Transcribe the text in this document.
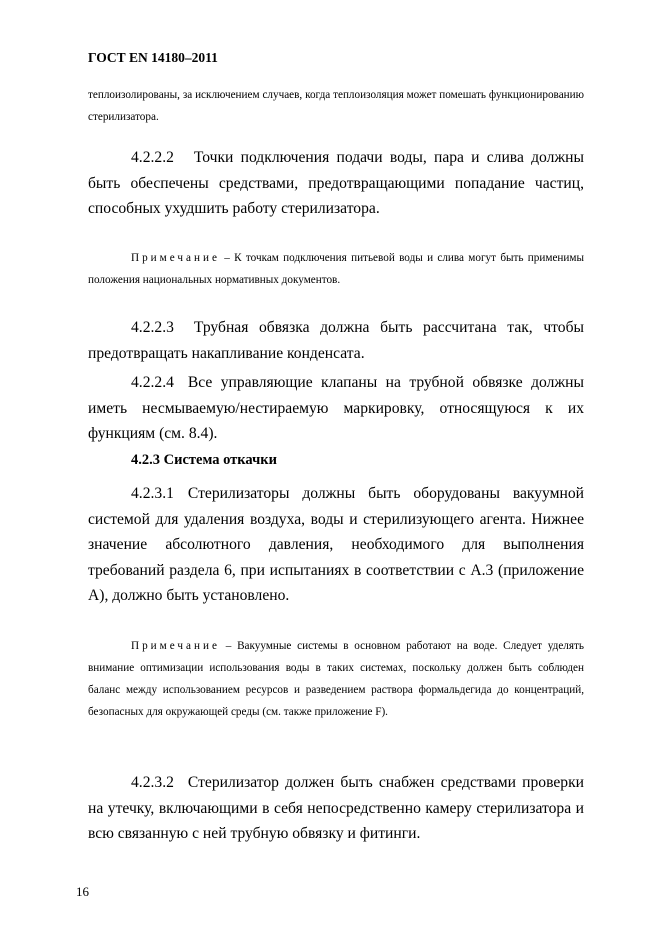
ГОСТ EN 14180–2011
теплоизолированы, за исключением случаев, когда теплоизоляция может помешать функционированию стерилизатора.
4.2.2.2 Точки подключения подачи воды, пара и слива должны быть обеспечены средствами, предотвращающими попадание частиц, способных ухудшить работу стерилизатора.
Примечание – К точкам подключения питьевой воды и слива могут быть применимы положения национальных нормативных документов.
4.2.2.3 Трубная обвязка должна быть рассчитана так, чтобы предотвращать накапливание конденсата.
4.2.2.4 Все управляющие клапаны на трубной обвязке должны иметь несмываемую/нестираемую маркировку, относящуюся к их функциям (см. 8.4).
4.2.3 Система откачки
4.2.3.1 Стерилизаторы должны быть оборудованы вакуумной системой для удаления воздуха, воды и стерилизующего агента. Нижнее значение абсолютного давления, необходимого для выполнения требований раздела 6, при испытаниях в соответствии с А.3 (приложение А), должно быть установлено.
Примечание – Вакуумные системы в основном работают на воде. Следует уделять внимание оптимизации использования воды в таких системах, поскольку должен быть соблюден баланс между использованием ресурсов и разведением раствора формальдегида до концентраций, безопасных для окружающей среды (см. также приложение F).
4.2.3.2 Стерилизатор должен быть снабжен средствами проверки на утечку, включающими в себя непосредственно камеру стерилизатора и всю связанную с ней трубную обвязку и фитинги.
16
